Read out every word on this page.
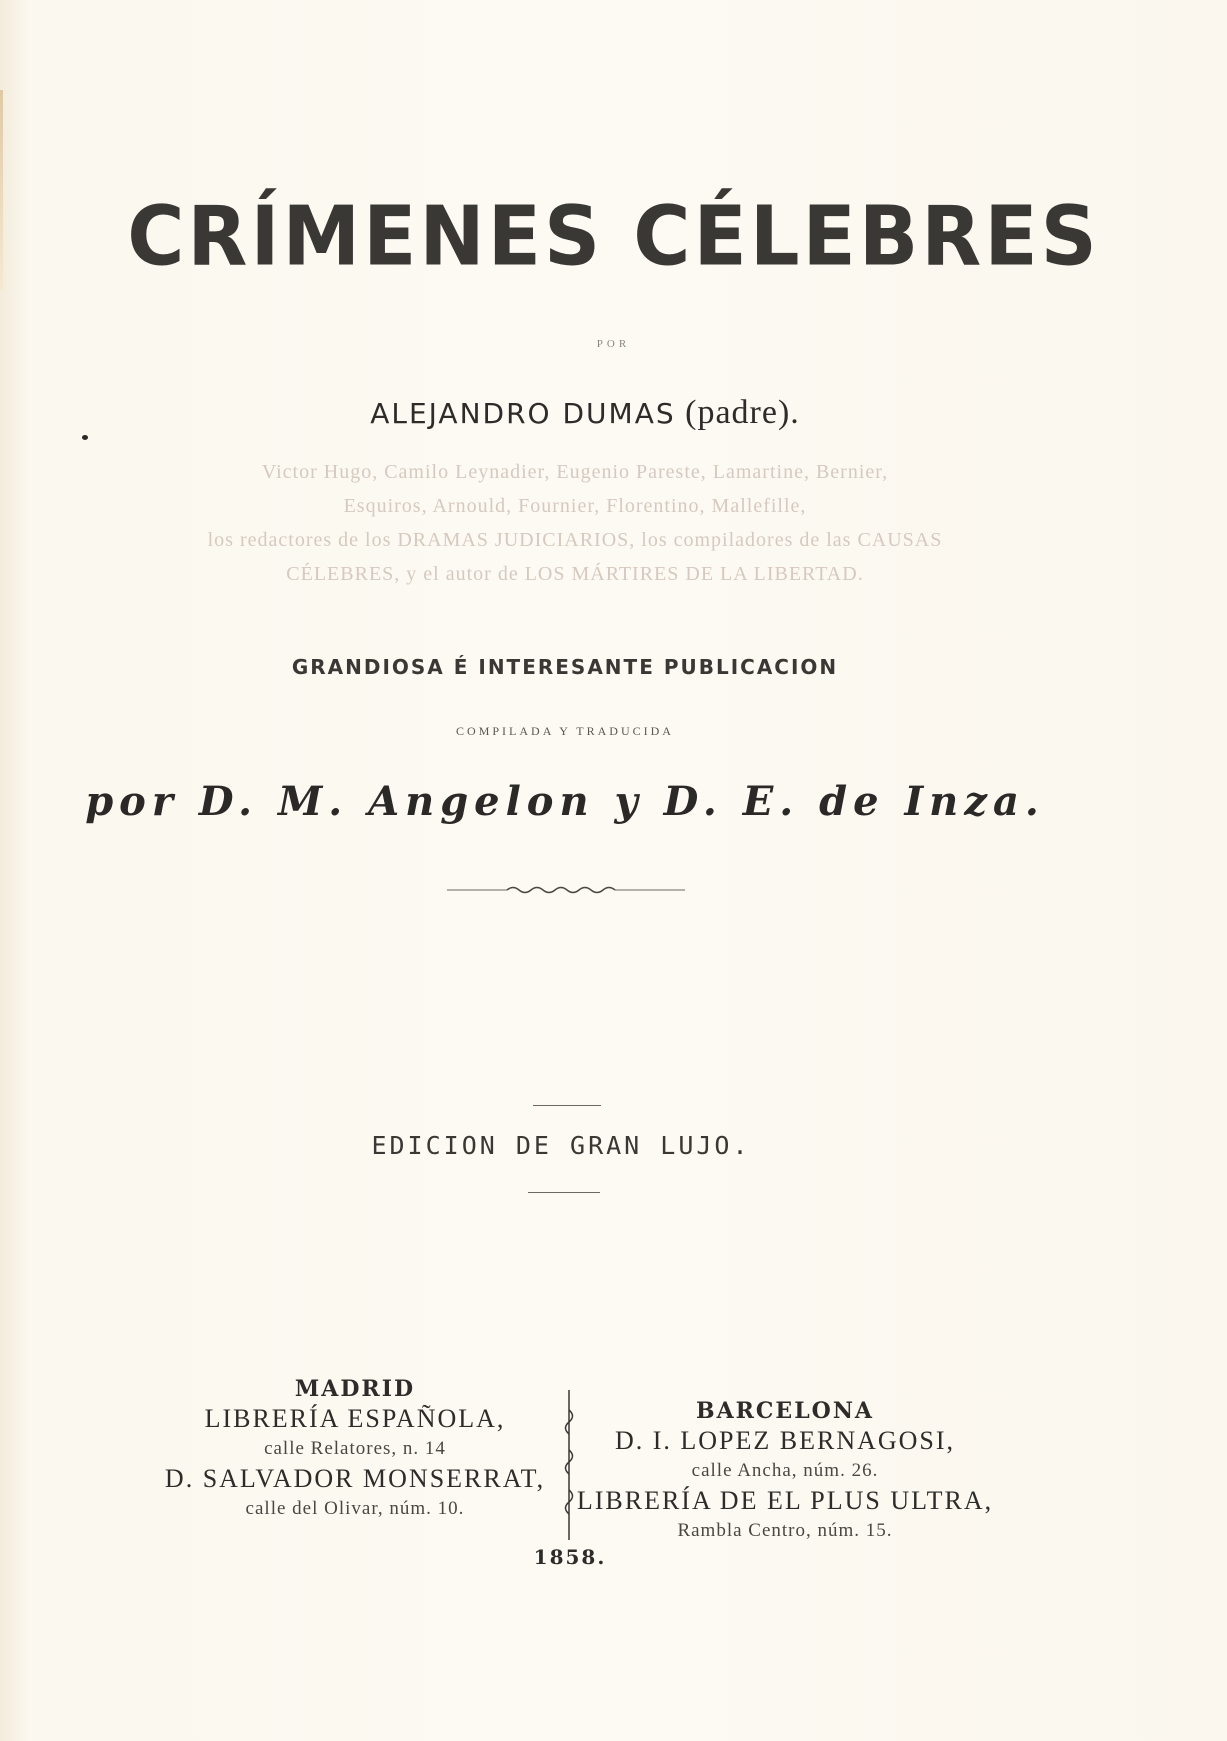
CRÍMENES CÉLEBRES
POR
ALEJANDRO DUMAS (padre).
Victor Hugo, Camilo Leynadier, Eugenio Pareste, Lamartine, Bernier,
Esquiros, Arnould, Fournier, Florentino, Mallefille,
los redactores de los DRAMAS JUDICIARIOS, los compiladores de las CAUSAS
CÉLEBRES, y el autor de LOS MÁRTIRES DE LA LIBERTAD.
GRANDIOSA É INTERESANTE PUBLICACION
COMPILADA Y TRADUCIDA
por D. M. Angelon y D. E. de Inza.
EDICION DE GRAN LUJO.
MADRID
LIBRERÍA ESPAÑOLA,
calle Relatores, n. 14
D. SALVADOR MONSERRAT,
calle del Olivar, núm. 10.
BARCELONA
D. I. LOPEZ BERNAGOSI,
calle Ancha, núm. 26.
LIBRERÍA DE EL PLUS ULTRA,
Rambla Centro, núm. 15.
1858.
